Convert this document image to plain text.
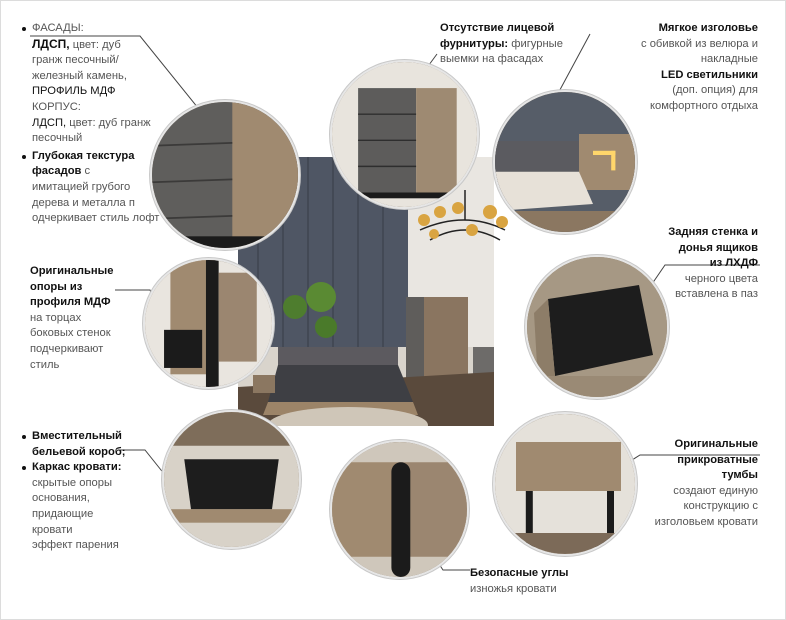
ФАСАДЫ:
ЛДСП, цвет: дуб
гранж песочный/
железный камень,
ПРОФИЛЬ МДФ
КОРПУС:
ЛДСП, цвет: дуб гранж
песочный
Глубокая текстура
фасадов с
имитацией грубого
дерева и металла п
одчеркивает стиль лофт
Отсутствие лицевой
фурнитуры: фигурные
выемки на фасадах
Мягкое изголовье
с обивкой из велюра и
накладные
LED светильники
(доп. опция) для
комфортного отдыха
Оригинальные
опоры из
профиля МДФ
на торцах
боковых стенок
подчеркивают
стиль
Задняя стенка и
донья ящиков
из ЛХДФ
черного цвета
вставлена в паз
Вместительный
бельевой короб;
Каркас кровати:
скрытые опоры
основания,
придающие
кровати
эффект парения
Оригинальные
прикроватные
тумбы
создают единую
конструкцию с
изголовьем кровати
Безопасные углы
изножья кровати
